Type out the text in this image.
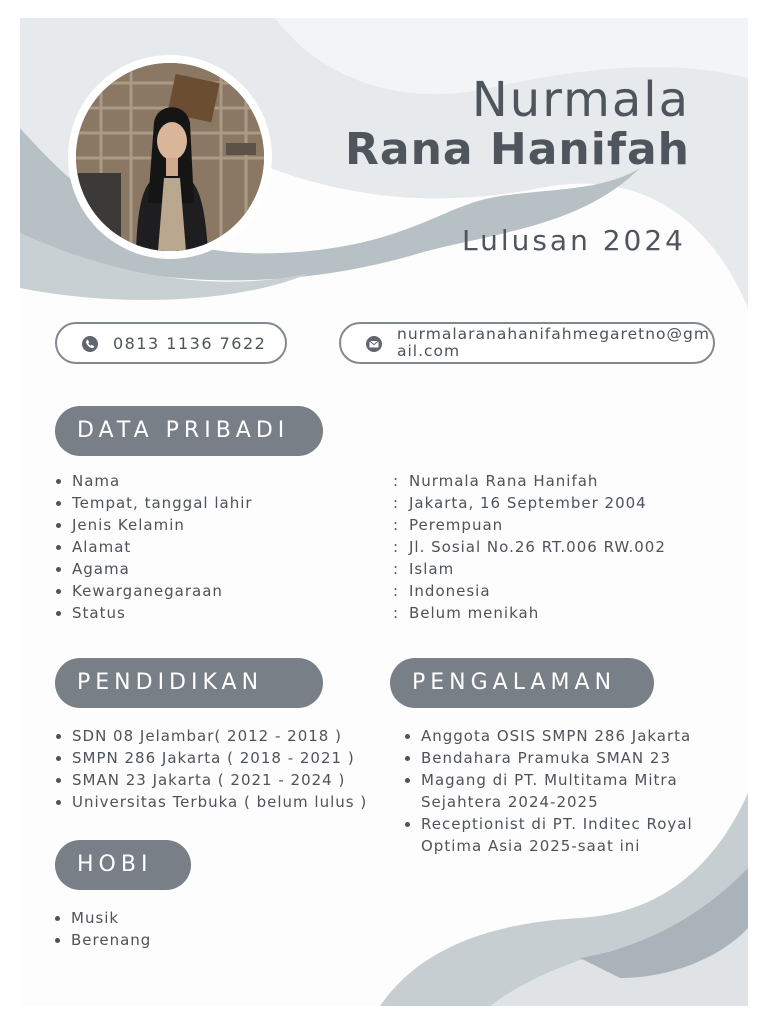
Nurmala
Rana Hanifah
Lulusan 2024
0813 1136 7622	nurmalaranahanifahmegaretno@gmail.com
DATA PRIBADI
Nama
Tempat, tanggal lahir
Jenis Kelamin
Alamat
Agama
Kewarganegaraan
Status
: Nurmala Rana Hanifah
: Jakarta, 16 September 2004
: Perempuan
: Jl. Sosial No.26 RT.006 RW.002
: Islam
: Indonesia
: Belum menikah
PENDIDIKAN
SDN 08 Jelambar( 2012 - 2018 )
SMPN 286 Jakarta ( 2018 - 2021 )
SMAN 23 Jakarta ( 2021 - 2024 )
Universitas Terbuka ( belum lulus )
PENGALAMAN
Anggota OSIS SMPN 286 Jakarta
Bendahara Pramuka SMAN 23
Magang di PT. Multitama Mitra Sejahtera 2024-2025
Receptionist di PT. Inditec Royal Optima Asia 2025-saat ini
HOBI
Musik
Berenang
